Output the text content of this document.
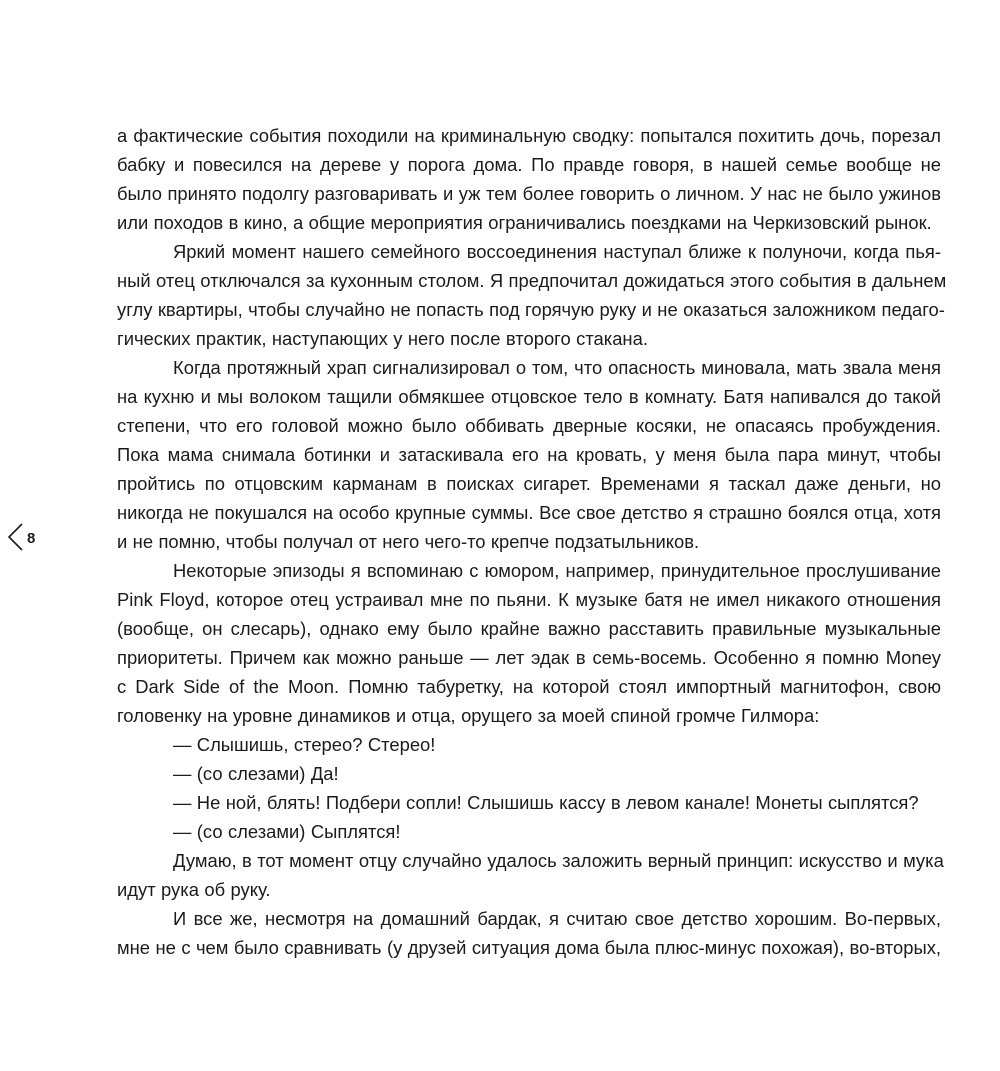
8
а фактические события походили на криминальную сводку: попытался похитить дочь, порезал
бабку и повесился на дереве у порога дома. По правде говоря, в нашей семье вообще не
было принято подолгу разговаривать и уж тем более говорить о личном. У нас не было ужинов
или походов в кино, а общие мероприятия ограничивались поездками на Черкизовский рынок.
Яркий момент нашего семейного воссоединения наступал ближе к полуночи, когда пья-
ный отец отключался за кухонным столом. Я предпочитал дожидаться этого события в дальнем
углу квартиры, чтобы случайно не попасть под горячую руку и не оказаться заложником педаго-
гических практик, наступающих у него после второго стакана.
Когда протяжный храп сигнализировал о том, что опасность миновала, мать звала меня
на кухню и мы волоком тащили обмякшее отцовское тело в комнату. Батя напивался до такой
степени, что его головой можно было оббивать дверные косяки, не опасаясь пробуждения.
Пока мама снимала ботинки и затаскивала его на кровать, у меня была пара минут, чтобы
пройтись по отцовским карманам в поисках сигарет. Временами я таскал даже деньги, но
никогда не покушался на особо крупные суммы. Все свое детство я страшно боялся отца, хотя
и не помню, чтобы получал от него чего-то крепче подзатыльников.
Некоторые эпизоды я вспоминаю с юмором, например, принудительное прослушивание
Pink Floyd, которое отец устраивал мне по пьяни. К музыке батя не имел никакого отношения
(вообще, он слесарь), однако ему было крайне важно расставить правильные музыкальные
приоритеты. Причем как можно раньше — лет эдак в семь-восемь. Особенно я помню Money
с Dark Side of the Moon. Помню табуретку, на которой стоял импортный магнитофон, свою
головенку на уровне динамиков и отца, орущего за моей спиной громче Гилмора:
— Слышишь, стерео? Стерео!
— (со слезами) Да!
— Не ной, блять! Подбери сопли! Слышишь кассу в левом канале! Монеты сыплятся?
— (со слезами) Сыплятся!
Думаю, в тот момент отцу случайно удалось заложить верный принцип: искусство и мука
идут рука об руку.
И все же, несмотря на домашний бардак, я считаю свое детство хорошим. Во-первых,
мне не с чем было сравнивать (у друзей ситуация дома была плюс-минус похожая), во-вторых,
